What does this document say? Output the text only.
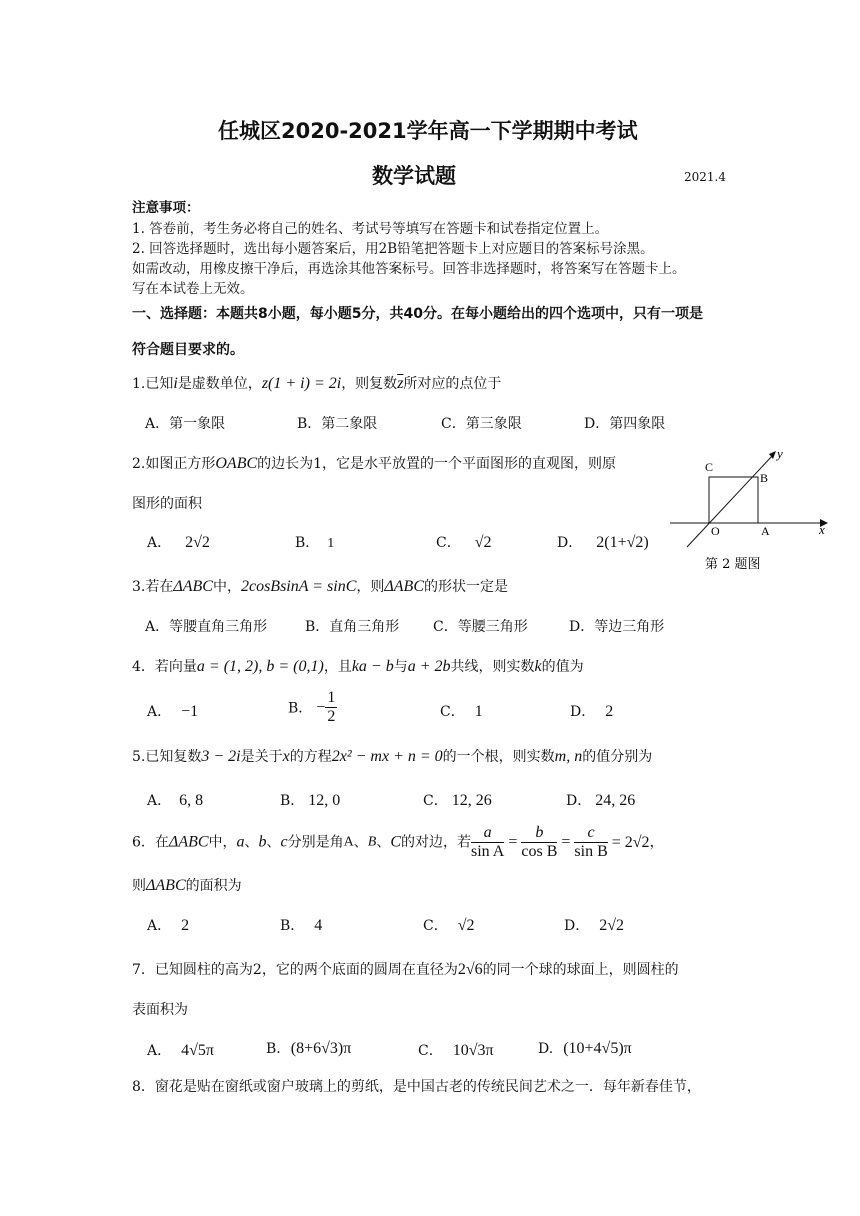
任城区2020-2021学年高一下学期期中考试
数学试题	2021.4
注意事项：
1. 答卷前，考生务必将自己的姓名、考试号等填写在答题卡和试卷指定位置上。
2. 回答选择题时，选出每小题答案后，用2B铅笔把答题卡上对应题目的答案标号涂黑。
如需改动，用橡皮擦干净后，再选涂其他答案标号。回答非选择题时，将答案写在答题卡上。
写在本试卷上无效。
一、选择题：本题共8小题，每小题5分，共40分。在每小题给出的四个选项中，只有一项是
符合题目要求的。
1.已知i是虚数单位，z(1 + i) = 2i，则复数$\overline{z}$所对应的点位于
A．第一象限	B．第二象限	C．第三象限	D．第四象限
2.如图正方形OABC的边长为1，它是水平放置的一个平面图形的直观图，则原
图形的面积
A． 2√2	B． 1	C． √2	D． 2(1+√2)
C
B
O	A	x
y
第 2 题图
3.若在ΔABC中，2cosBsinA = sinC，则ΔABC的形状一定是
A．等腰直角三角形	B．直角三角形 C．等腰三角形	D．等边三角形
4．若向量a = (1, 2), b = (0,1)，且ka − b与a + 2b共线，则实数k的值为
A． −1	B． − $\frac{1}{2}$	C． 1	D． 2
5.已知复数3 − 2i是关于x的方程2x² − mx + n = 0的一个根，则实数m, n的值分别为
A． 6, 8	B． 12, 0	C． 12, 26	D． 24, 26
6．在ΔABC中，a、b、c分别是角A、B、C的对边，若 $\frac{a}{\text{sin A}} = \frac{b}{\text{cos B}} = \frac{c}{\text{sin B}} = 2√2$，
则ΔABC的面积为
A． 2	B． 4	C． √2	D． 2√2
7．已知圆柱的高为2，它的两个底面的圆周在直径为2√6的同一个球的球面上，则圆柱的
表面积为
A． 4√5π	B. (8+6√3)π	C． 10√3π	D. (10+4√5)π
8．窗花是贴在窗纸或窗户玻璃上的剪纸，是中国古老的传统民间艺术之一．每年新春佳节，
